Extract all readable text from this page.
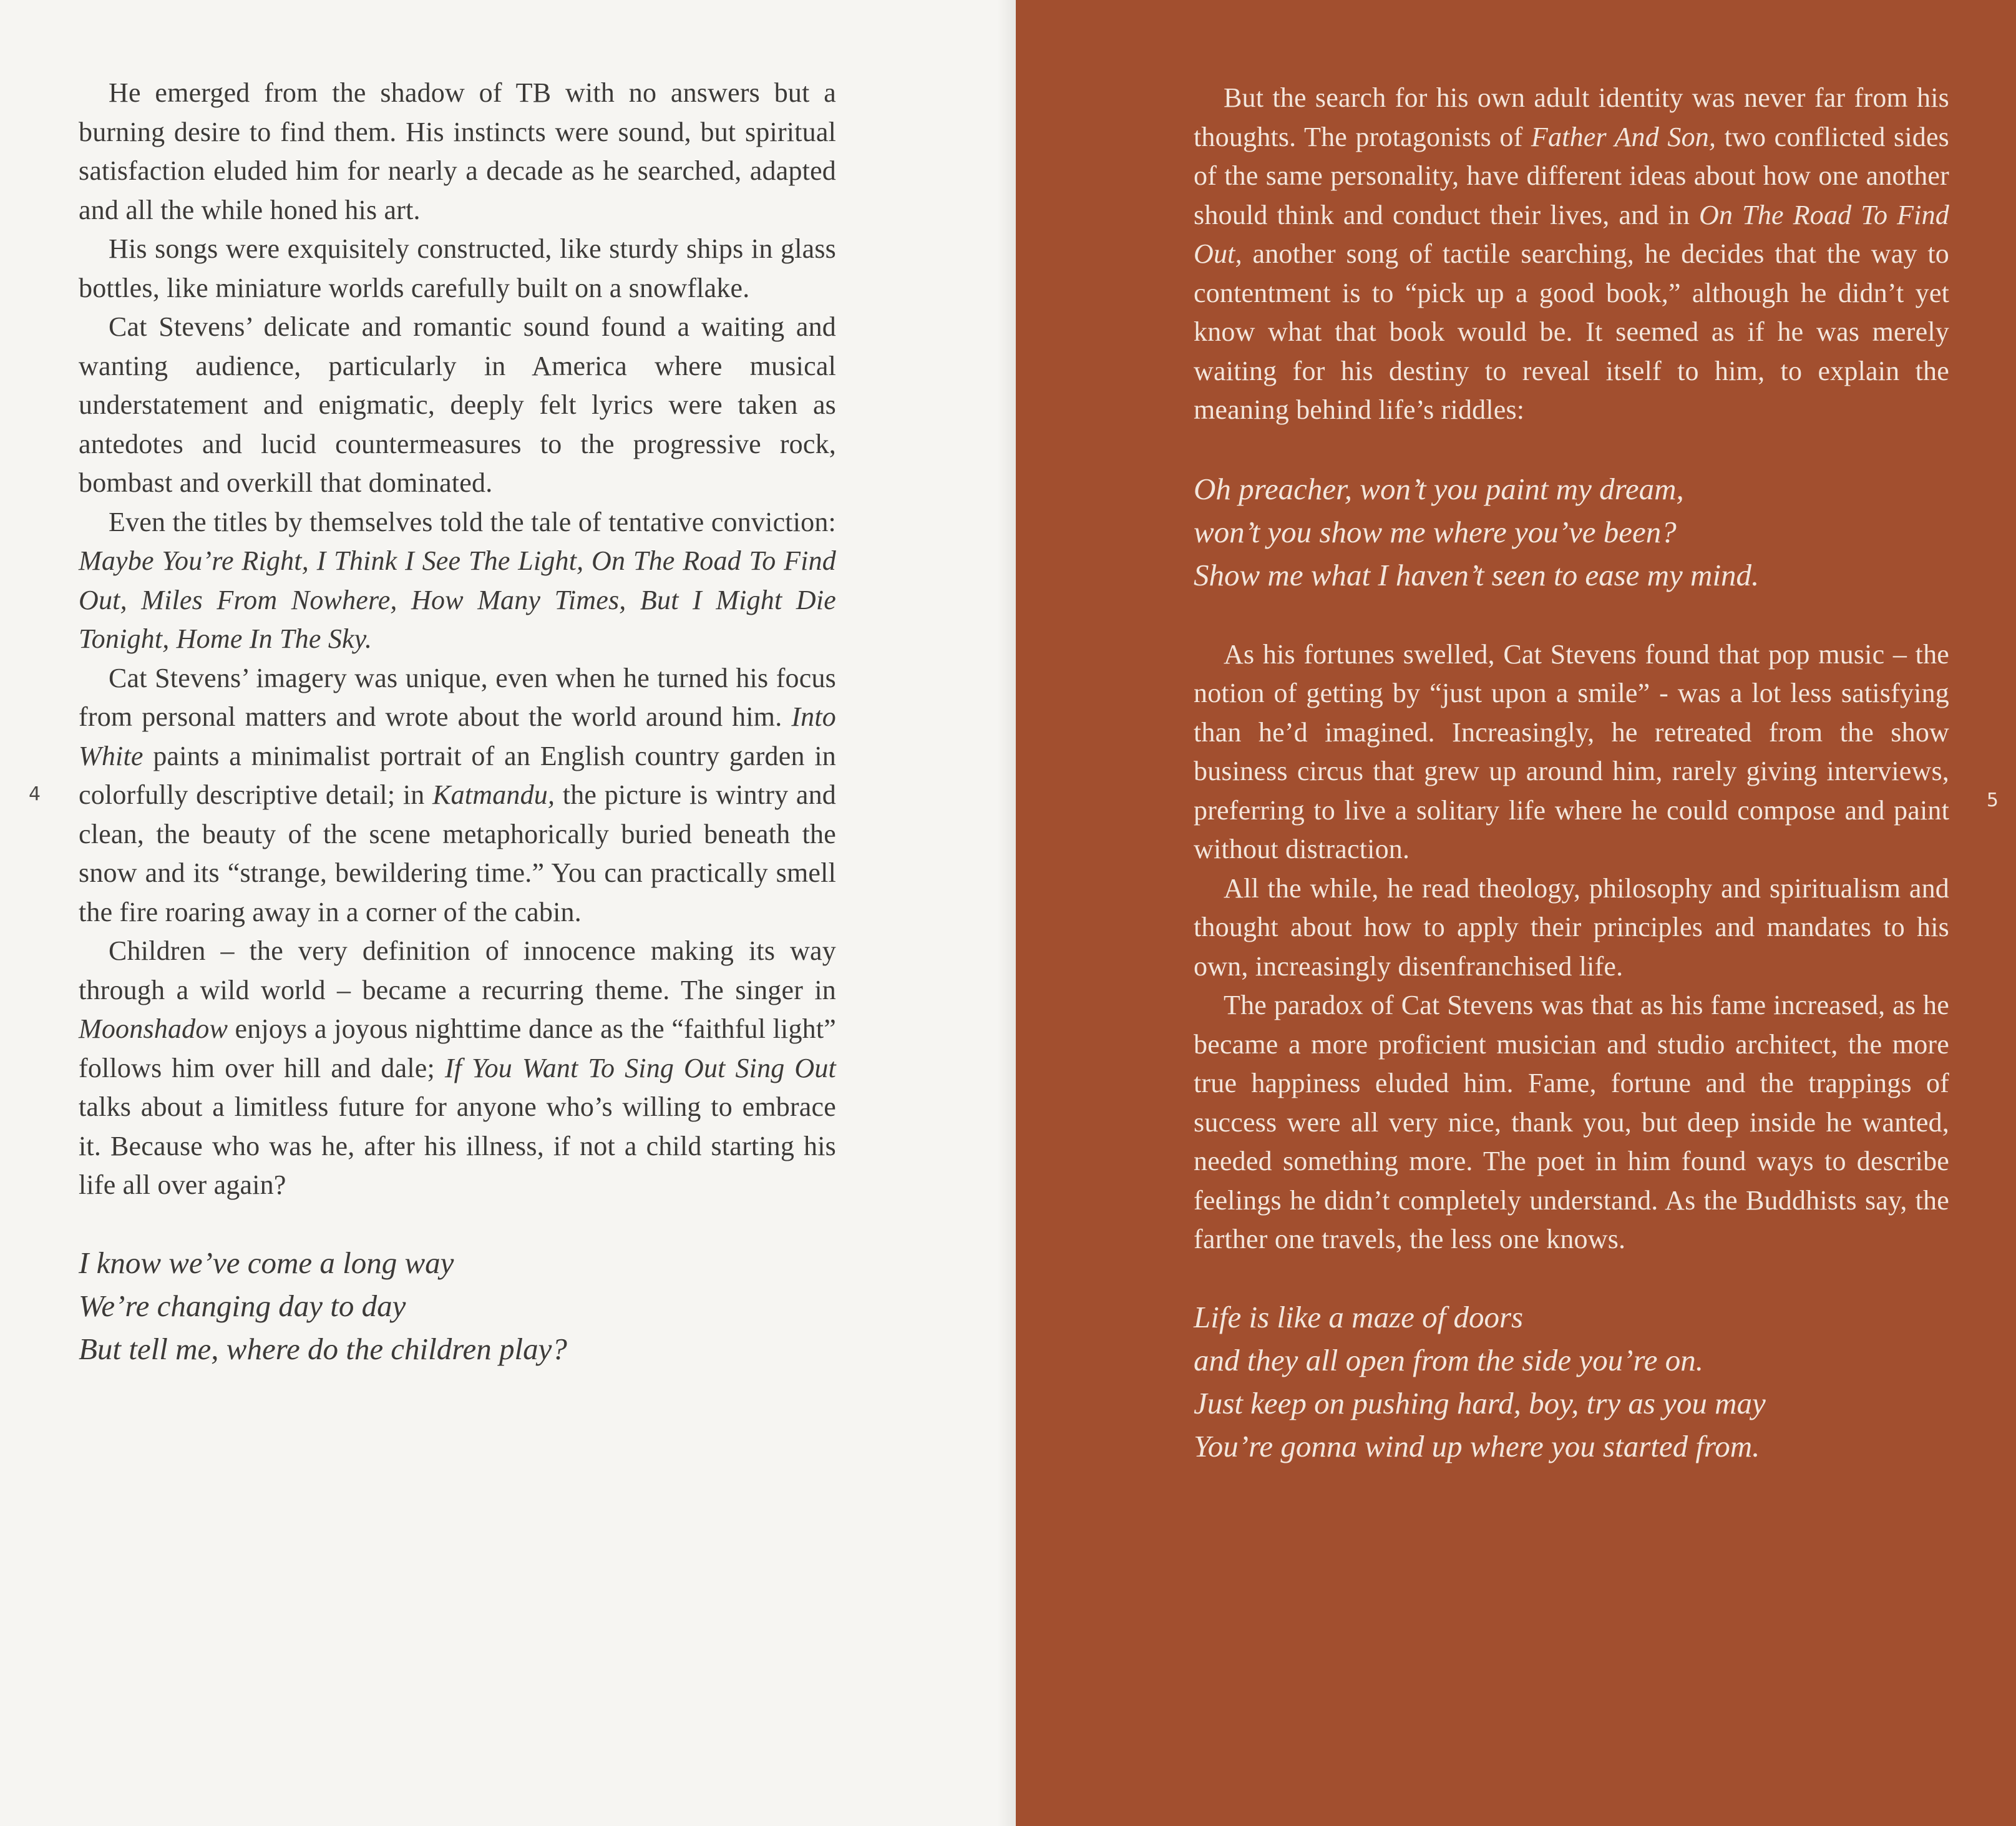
He emerged from the shadow of TB with no answers but a burning desire to find them. His instincts were sound, but spiritual satisfaction eluded him for nearly a decade as he searched, adapted and all the while honed his art.

His songs were exquisitely constructed, like sturdy ships in glass bottles, like miniature worlds carefully built on a snowflake.

Cat Stevens’ delicate and romantic sound found a waiting and wanting audience, particularly in America where musical understatement and enigmatic, deeply felt lyrics were taken as antedotes and lucid countermeasures to the progressive rock, bombast and overkill that dominated.

Even the titles by themselves told the tale of tentative conviction: Maybe You’re Right, I Think I See The Light, On The Road To Find Out, Miles From Nowhere, How Many Times, But I Might Die Tonight, Home In The Sky.

Cat Stevens’ imagery was unique, even when he turned his focus from personal matters and wrote about the world around him. Into White paints a minimalist portrait of an English country garden in colorfully descriptive detail; in Katmandu, the picture is wintry and clean, the beauty of the scene metaphorically buried beneath the snow and its “strange, bewildering time.” You can practically smell the fire roaring away in a corner of the cabin.

Children – the very definition of innocence making its way through a wild world – became a recurring theme. The singer in Moonshadow enjoys a joyous nighttime dance as the “faithful light” follows him over hill and dale; If You Want To Sing Out Sing Out talks about a limitless future for anyone who’s willing to embrace it. Because who was he, after his illness, if not a child starting his life all over again?

I know we’ve come a long way
We’re changing day to day
But tell me, where do the children play?
4

But the search for his own adult identity was never far from his thoughts. The protagonists of Father And Son, two conflicted sides of the same personality, have different ideas about how one another should think and conduct their lives, and in On The Road To Find Out, another song of tactile searching, he decides that the way to contentment is to “pick up a good book,” although he didn’t yet know what that book would be. It seemed as if he was merely waiting for his destiny to reveal itself to him, to explain the meaning behind life’s riddles:

Oh preacher, won’t you paint my dream,
won’t you show me where you’ve been?
Show me what I haven’t seen to ease my mind.

As his fortunes swelled, Cat Stevens found that pop music – the notion of getting by “just upon a smile” - was a lot less satisfying than he’d imagined. Increasingly, he retreated from the show business circus that grew up around him, rarely giving interviews, preferring to live a solitary life where he could compose and paint without distraction.

All the while, he read theology, philosophy and spiritualism and thought about how to apply their principles and mandates to his own, increasingly disenfranchised life.

The paradox of Cat Stevens was that as his fame increased, as he became a more proficient musician and studio architect, the more true happiness eluded him. Fame, fortune and the trappings of success were all very nice, thank you, but deep inside he wanted, needed something more. The poet in him found ways to describe feelings he didn’t completely understand. As the Buddhists say, the farther one travels, the less one knows.

Life is like a maze of doors
and they all open from the side you’re on.
Just keep on pushing hard, boy, try as you may
You’re gonna wind up where you started from.
5
